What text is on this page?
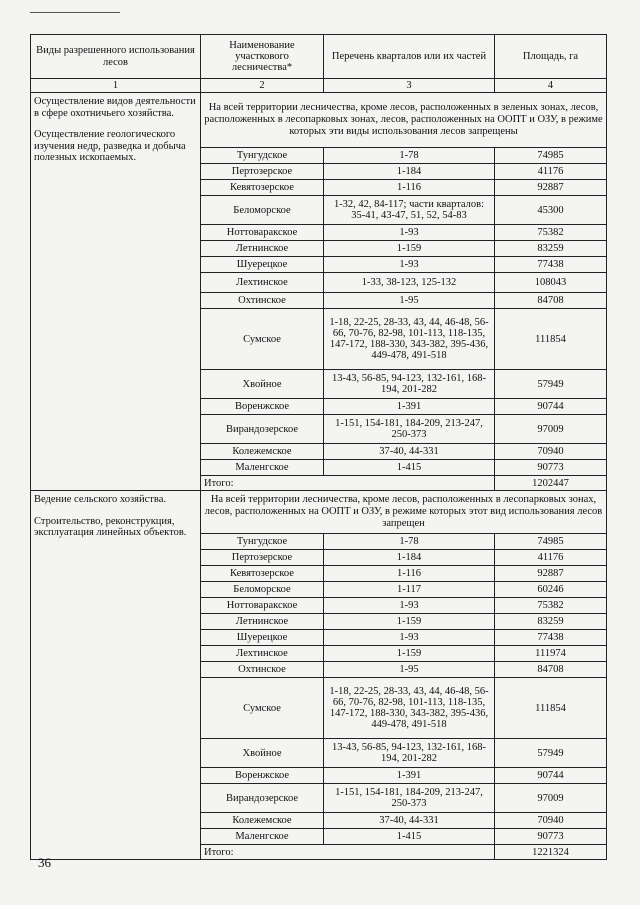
Виды разрешенного использования лесов	Наименование участкового лесничества*	Перечень кварталов или их частей	Площадь, га
1	2	3	4

Осуществление видов деятельности в сфере охотничьего хозяйства.

Осуществление геологического изучения недр, разведка и добыча полезных ископаемых.	На всей территории лесничества, кроме лесов, расположенных в зеленых зонах, лесов, расположенных в лесопарковых зонах, лесов, расположенных на ООПТ и ОЗУ, в режиме которых эти виды использования лесов запрещены		
	Тунгудское	1-78	74985
	Пертозерское	1-184	41176
	Кевятозерское	1-116	92887
	Беломорское	1-32, 42, 84-117; части кварталов: 35-41, 43-47, 51, 52, 54-83	45300
	Ноттоваракское	1-93	75382
	Летнинское	1-159	83259
	Шуерецкое	1-93	77438
	Лехтинское	1-33, 38-123, 125-132	108043
	Охтинское	1-95	84708
	Сумское	1-18, 22-25, 28-33, 43, 44, 46-48, 56-66, 70-76, 82-98, 101-113, 118-135, 147-172, 188-330, 343-382, 395-436, 449-478, 491-518	111854
	Хвойное	13-43, 56-85, 94-123, 132-161, 168-194, 201-282	57949
	Воренжское	1-391	90744
	Вирандозерское	1-151, 154-181, 184-209, 213-247, 250-373	97009
	Колежемское	37-40, 44-331	70940
	Маленгское	1-415	90773
	Итого:		1202447

Ведение сельского хозяйства.

Строительство, реконструкция, эксплуатация линейных объектов.	На всей территории лесничества, кроме лесов, расположенных в лесопарковых зонах, лесов, расположенных на ООПТ и ОЗУ, в режиме которых этот вид использования лесов запрещен		
	Тунгудское	1-78	74985
	Пертозерское	1-184	41176
	Кевятозерское	1-116	92887
	Беломорское	1-117	60246
	Ноттоваракское	1-93	75382
	Летнинское	1-159	83259
	Шуерецкое	1-93	77438
	Лехтинское	1-159	111974
	Охтинское	1-95	84708
	Сумское	1-18, 22-25, 28-33, 43, 44, 46-48, 56-66, 70-76, 82-98, 101-113, 118-135, 147-172, 188-330, 343-382, 395-436, 449-478, 491-518	111854
	Хвойное	13-43, 56-85, 94-123, 132-161, 168-194, 201-282	57949
	Воренжское	1-391	90744
	Вирандозерское	1-151, 154-181, 184-209, 213-247, 250-373	97009
	Колежемское	37-40, 44-331	70940
	Маленгское	1-415	90773
	Итого:		1221324
36
